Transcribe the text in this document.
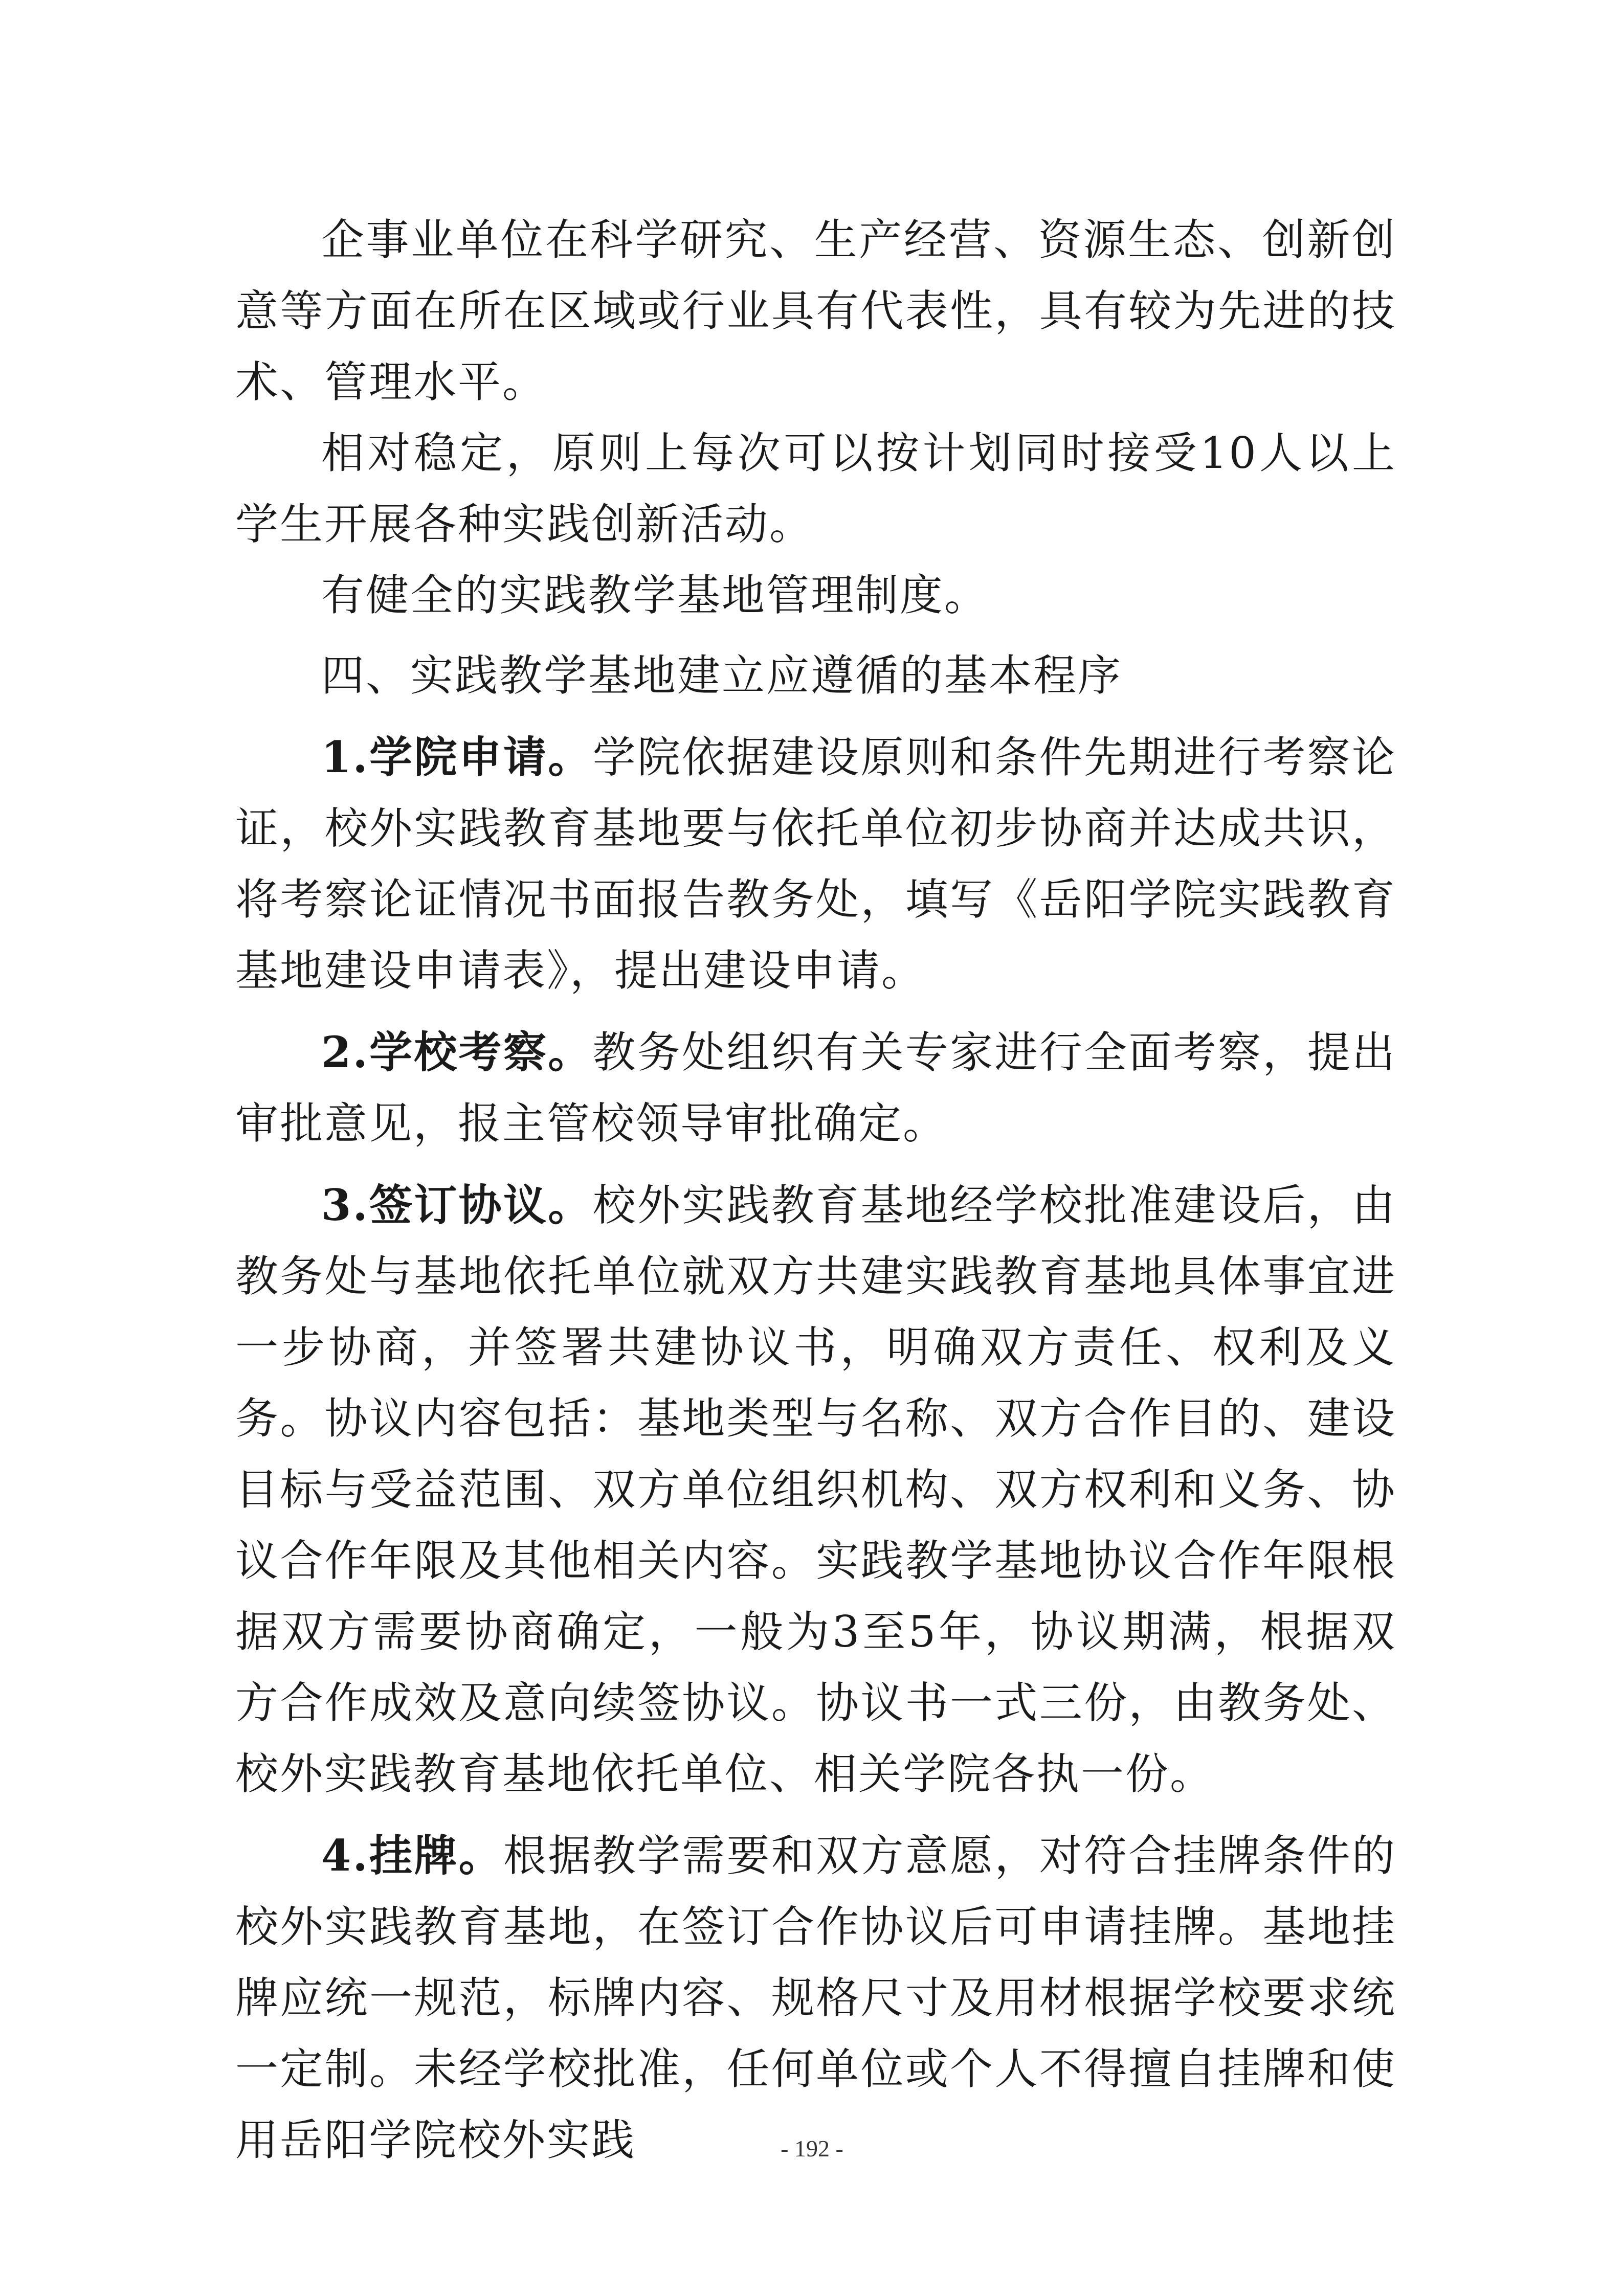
企事业单位在科学研究、生产经营、资源生态、创新创意等方面在所在区域或行业具有代表性，具有较为先进的技术、管理水平。

相对稳定，原则上每次可以按计划同时接受10人以上学生开展各种实践创新活动。

有健全的实践教学基地管理制度。

四、实践教学基地建立应遵循的基本程序

1.学院申请。学院依据建设原则和条件先期进行考察论证，校外实践教育基地要与依托单位初步协商并达成共识，将考察论证情况书面报告教务处，填写《岳阳学院实践教育基地建设申请表》，提出建设申请。

2.学校考察。教务处组织有关专家进行全面考察，提出审批意见，报主管校领导审批确定。

3.签订协议。校外实践教育基地经学校批准建设后，由教务处与基地依托单位就双方共建实践教育基地具体事宜进一步协商，并签署共建协议书，明确双方责任、权利及义务。协议内容包括：基地类型与名称、双方合作目的、建设目标与受益范围、双方单位组织机构、双方权利和义务、协议合作年限及其他相关内容。实践教学基地协议合作年限根据双方需要协商确定，一般为3至5年，协议期满，根据双方合作成效及意向续签协议。协议书一式三份，由教务处、校外实践教育基地依托单位、相关学院各执一份。

4.挂牌。根据教学需要和双方意愿，对符合挂牌条件的校外实践教育基地，在签订合作协议后可申请挂牌。基地挂牌应统一规范，标牌内容、规格尺寸及用材根据学校要求统一定制。未经学校批准，任何单位或个人不得擅自挂牌和使用岳阳学院校外实践	- 192 -
